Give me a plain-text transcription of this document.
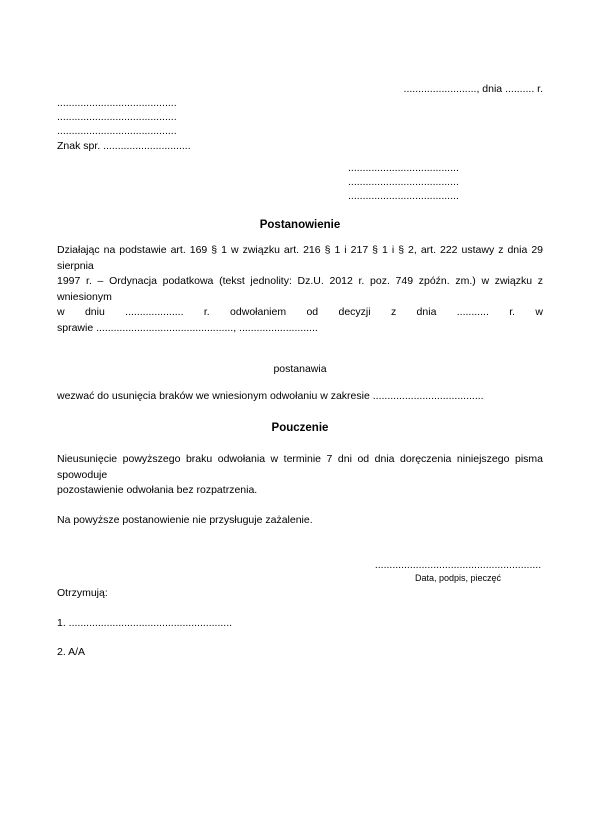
........................., dnia .......... r.
.........................................
.........................................
.........................................
Znak spr. ..............................
......................................
......................................
......................................
Postanowienie
Działając na podstawie art. 169 § 1 w związku art. 216 § 1 i 217 § 1 i § 2, art. 222 ustawy z dnia 29 sierpnia
1997 r. – Ordynacja podatkowa (tekst jednolity: Dz.U. 2012 r. poz. 749 zpóźn. zm.) w związku z wniesionym
w dniu .................... r. odwołaniem od decyzji z dnia ........... r. w
sprawie ..............................................., ...........................
postanawia
wezwać do usunięcia braków we wniesionym odwołaniu w zakresie ......................................
Pouczenie
Nieusunięcie powyższego braku odwołania w terminie 7 dni od dnia doręczenia niniejszego pisma spowoduje
pozostawienie odwołania bez rozpatrzenia.
Na powyższe postanowienie nie przysługuje zażalenie.
.........................................................
Data, podpis, pieczęć
Otrzymują:
1. ........................................................
2. A/A
